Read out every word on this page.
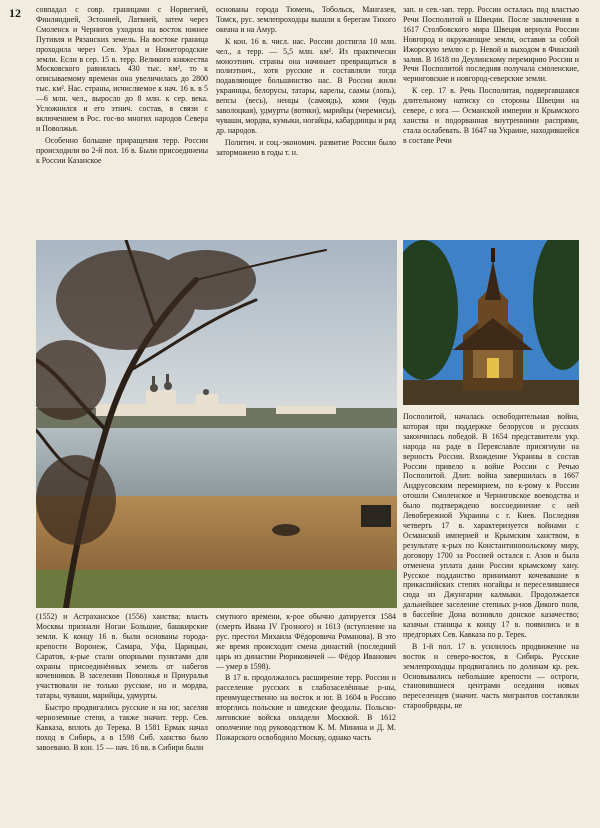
12 совпадал с совр. границами с Норвегией, Финляндией, Эстонией, Латвией, затем через Смоленск и Чернигов уходила на восток южнее Путивля и Рязанских земель. На востоке граница проходила через Сев. Урал и Нижегородские земли. Если в сер. 15 в. терр. Великого княжества Московского равнялась 430 тыс. км², то к описываемому времени она увеличилась до 2800 тыс. км². Нас. страны, исчисляемое к нач. 16 в. в 5—6 млн. чел., выросло до 8 млн. к сер. века. Усложнился и его этнич. состав, в связи с включением в Рос. гос-во многих народов Севера и Поволжья.

Особенно большие приращения терр. России происходили во 2-й пол. 16 в. Были присоединены к России Казанское

основаны города Тюмень, Тобольск, Мангазея, Томск, рус. землепроходцы вышли к берегам Тихого океана и на Амур.

К кон. 16 в. числ. нас. России достигла 10 млн. чел., а терр. — 5,5 млн. км². Из практически моноэтнич. страны она начинает превращаться в полиэтнич., хотя русские и составляли тогда подавляющее большинство нас. В России жили украинцы, белорусы, татары, карелы, саамы (лопь), вепсы (весь), ненцы (самоядь), коми (чудь заволоцкая), удмурты (вотяки), марийцы (черемисы), чуваши, мордва, кумыки, ногайцы, кабардинцы и ряд др. народов.

Политич. и соц.-экономич. развитие России было заторможено в годы т. н.

зап. и сев.-зап. терр. России осталась под властью Речи Посполитой и Швеции. После заключения в 1617 Столбовского мира Швеция вернула России Новгород и окружающие земли, оставив за собой Ижорскую землю с р. Невой и выходом в Финский залив. В 1618 по Деулинскому перемирию России и Речи Посполитой последняя получала смоленские, черниговские и новгород-северские земли.

К сер. 17 в. Речь Посполитая, подвергавшаяся длительному натиску со стороны Швеции на севере, с юга — Османской империи и Крымского ханства и подорванная внутренними распрями, стала ослабевать. В 1647 на Украине, находившейся в составе Речи

(1552) и Астраханское (1556) ханства; власть Москвы признали Ногаи Большие, башкирские земли. К концу 16 в. были основаны города-крепости Воронеж, Самара, Уфа, Царицын, Саратов, к-рые стали опорными пунктами для охраны присоединённых земель от набегов кочевников. В заселении Поволжья и Приуралья участвовали не только русские, но и мордва, татары, чуваши, марийцы, удмурты.

Быстро продвигались русские и на юг, заселяя черноземные степи, а также значит. терр. Сев. Кавказа, вплоть до Терека. В 1581 Ермак начал поход в Сибирь, а в 1598 Сиб. ханство было завоевано. В кон. 15 — нач. 16 вв. в Сибири были

смутного времени, к-рое обычно датируется 1584 (смерть Ивана IV Грозного) и 1613 (вступление на рус. престол Михаила Фёдоровича Романова). В это же время происходит смена династий (последний царь из династии Рюриковичей — Фёдор Иванович — умер в 1598).

В 17 в. продолжалось расширение терр. России и расселение русских в слабозаселённые р-ны, преимущественно на восток и юг. В 1604 в Россию вторглись польские и шведские феодалы. Польско-литовские войска овладели Москвой. В 1612 ополчение под руководством К. М. Минина и Д. М. Пожарского освободило Москву, однако часть

Посполитой, началась освободительная война, которая при поддержке белорусов и русских закончилась победой. В 1654 представители укр. народа на раде в Переяславле присягнули на верность России. Вхождение Украины в состав России привело к войне России с Речью Посполитой. Длит. война завершилась в 1667 Андрусовским перемирием, по к-рому к России отошли Смоленское и Черниговское воеводства и было подтверждено воссоединение с ней Левобережной Украины с г. Киев. Последняя четверть 17 в. характеризуется войнами с Османской империей и Крымским ханством, в результате к-рых по Константинопольскому миру, договору 1700 за Россией остался г. Азов и была отменена уплата дани России крымскому хану. Русское подданство принимают кочевавшие в прикаспийских степях ногайцы и переселившиеся сюда из Джунгарии калмыки. Продолжается дальнейшее заселение степных р-нов Дикого поля, в бассейне Дона возникло донское казачество; казачьи станицы к концу 17 в. появились и в предгорьях Сев. Кавказа по р. Терек.

В 1-й пол. 17 в. усилилось продвижение на восток и северо-восток, в Сибирь. Русские землепроходцы продвигались по долинам кр. рек. Основывались небольшие крепости — остроги, становившиеся центрами оседания новых переселенцев (значит. часть мигрантов составляли старообрядцы, не
